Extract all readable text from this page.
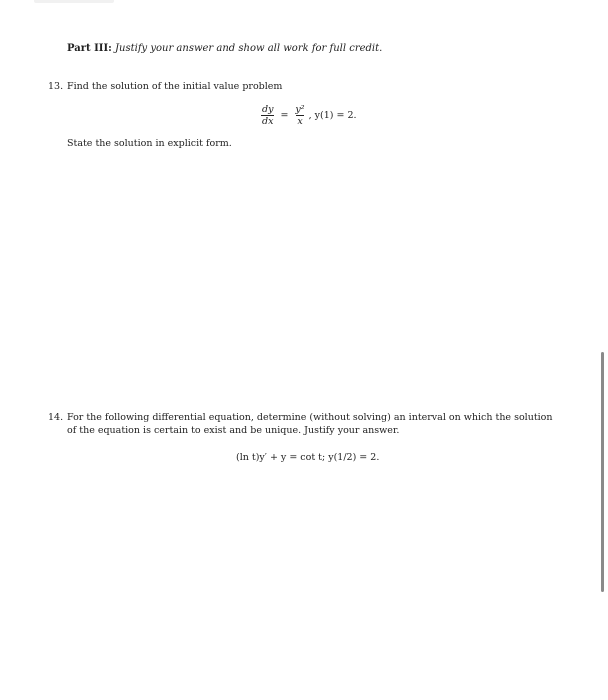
Part III: Justify your answer and show all work for full credit.
13. Find the solution of the initial value problem
$\frac{dy}{dx} = \frac{\text{y²}}{x}$ , y(1) = 2.
State the solution in explicit form.
14. For the following differential equation, determine (without solving) an interval on which the solution
of the equation is certain to exist and be unique. Justify your answer.
(ln t)y′ + y = cot t; y(1/2) = 2.
